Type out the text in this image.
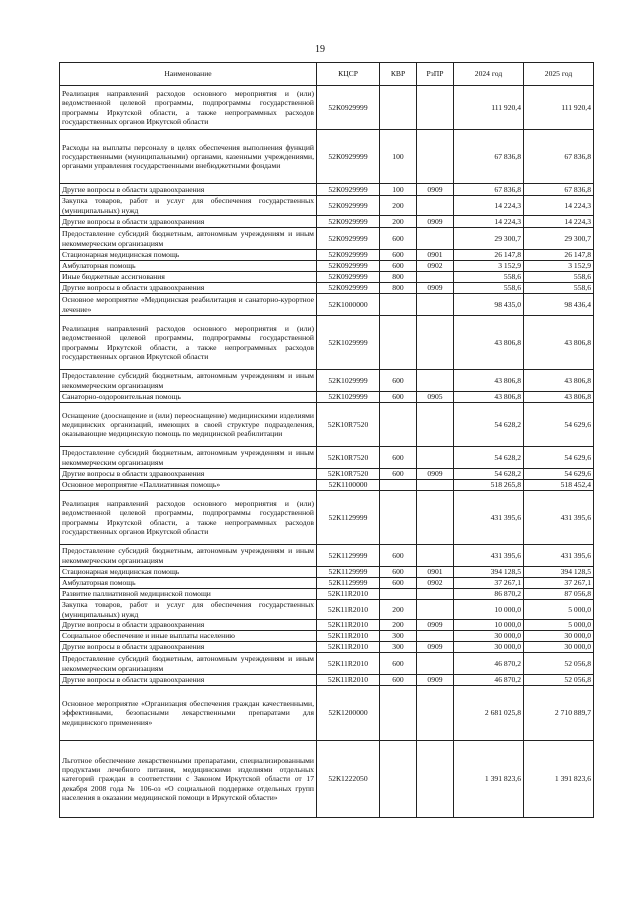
19
Наименование	КЦСР	КВР	РзПР	2024 год	2025 год
Реализация направлений расходов основного мероприятия и (или) ведомственной целевой программы, подпрограммы государственной программы Иркутской области, а также непрограммных расходов государственных органов Иркутской области	52К0929999			111 920,4	111 920,4
Расходы на выплаты персоналу в целях обеспечения выполнения функций государственными (муниципальными) органами, казенными учреждениями, органами управления государственными внебюджетными фондами	52К0929999	100		67 836,8	67 836,8
Другие вопросы в области здравоохранения	52К0929999	100	0909	67 836,8	67 836,8
Закупка товаров, работ и услуг для обеспечения государственных (муниципальных) нужд	52К0929999	200		14 224,3	14 224,3
Другие вопросы в области здравоохранения	52К0929999	200	0909	14 224,3	14 224,3
Предоставление субсидий бюджетным, автономным учреждениям и иным некоммерческим организациям	52К0929999	600		29 300,7	29 300,7
Стационарная медицинская помощь	52К0929999	600	0901	26 147,8	26 147,8
Амбулаторная помощь	52К0929999	600	0902	3 152,9	3 152,9
Иные бюджетные ассигнования	52К0929999	800		558,6	558,6
Другие вопросы в области здравоохранения	52К0929999	800	0909	558,6	558,6
Основное мероприятие «Медицинская реабилитация и санаторно-курортное лечение»	52К1000000			98 435,0	98 436,4
Реализация направлений расходов основного мероприятия и (или) ведомственной целевой программы, подпрограммы государственной программы Иркутской области, а также непрограммных расходов государственных органов Иркутской области	52К1029999			43 806,8	43 806,8
Предоставление субсидий бюджетным, автономным учреждениям и иным некоммерческим организациям	52К1029999	600		43 806,8	43 806,8
Санаторно-оздоровительная помощь	52К1029999	600	0905	43 806,8	43 806,8
Оснащение (дооснащение и (или) переоснащение) медицинскими изделиями медицинских организаций, имеющих в своей структуре подразделения, оказывающие медицинскую помощь по медицинской реабилитации	52К10R7520			54 628,2	54 629,6
Предоставление субсидий бюджетным, автономным учреждениям и иным некоммерческим организациям	52К10R7520	600		54 628,2	54 629,6
Другие вопросы в области здравоохранения	52К10R7520	600	0909	54 628,2	54 629,6
Основное мероприятие «Паллиативная помощь»	52К1100000			518 265,8	518 452,4
Реализация направлений расходов основного мероприятия и (или) ведомственной целевой программы, подпрограммы государственной программы Иркутской области, а также непрограммных расходов государственных органов Иркутской области	52К1129999			431 395,6	431 395,6
Предоставление субсидий бюджетным, автономным учреждениям и иным некоммерческим организациям	52К1129999	600		431 395,6	431 395,6
Стационарная медицинская помощь	52К1129999	600	0901	394 128,5	394 128,5
Амбулаторная помощь	52К1129999	600	0902	37 267,1	37 267,1
Развитие паллиативной медицинской помощи	52К11R2010			86 870,2	87 056,8
Закупка товаров, работ и услуг для обеспечения государственных (муниципальных) нужд	52К11R2010	200		10 000,0	5 000,0
Другие вопросы в области здравоохранения	52К11R2010	200	0909	10 000,0	5 000,0
Социальное обеспечение и иные выплаты населению	52К11R2010	300		30 000,0	30 000,0
Другие вопросы в области здравоохранения	52К11R2010	300	0909	30 000,0	30 000,0
Предоставление субсидий бюджетным, автономным учреждениям и иным некоммерческим организациям	52К11R2010	600		46 870,2	52 056,8
Другие вопросы в области здравоохранения	52К11R2010	600	0909	46 870,2	52 056,8
Основное мероприятие «Организация обеспечения граждан качественными, эффективными, безопасными лекарственными препаратами для медицинского применения»	52К1200000			2 681 025,8	2 710 889,7
Льготное обеспечение лекарственными препаратами, специализированными продуктами лечебного питания, медицинскими изделиями отдельных категорий граждан в соответствии с Законом Иркутской области от 17 декабря 2008 года № 106-оз «О социальной поддержке отдельных групп населения в оказании медицинской помощи в Иркутской области»	52К1222050			1 391 823,6	1 391 823,6
